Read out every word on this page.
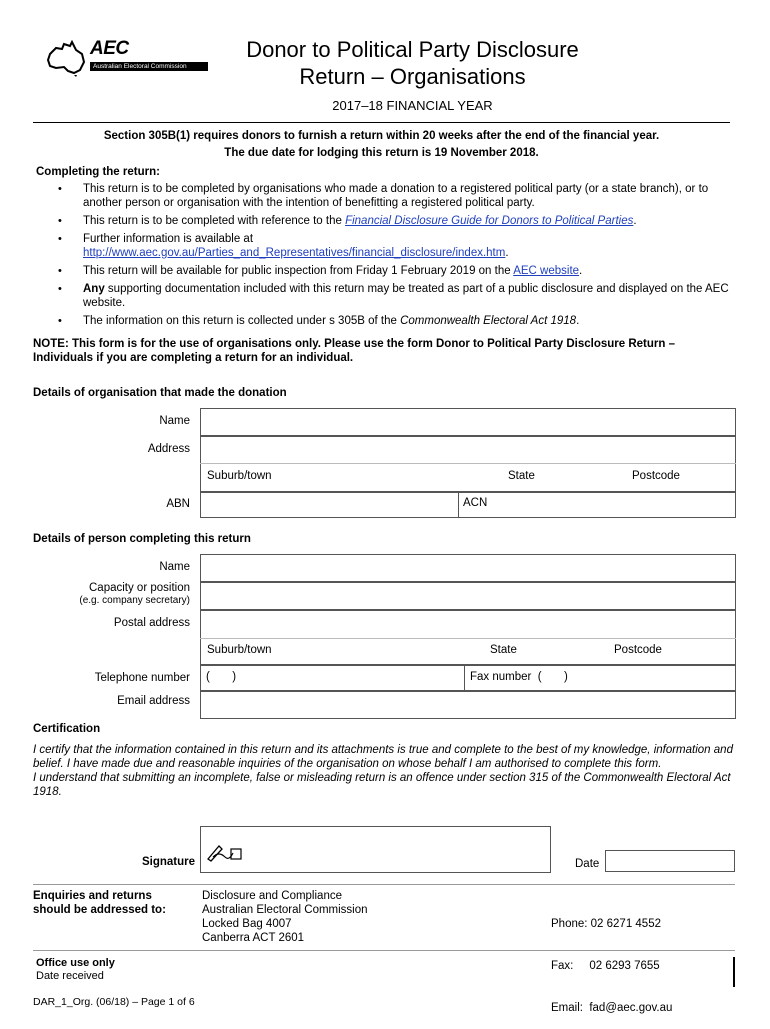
AEC
Australian Electoral Commission
Donor to Political Party Disclosure
Return – Organisations
2017–18 FINANCIAL YEAR
Section 305B(1) requires donors to furnish a return within 20 weeks after the end of the financial year.
The due date for lodging this return is 19 November 2018.
Completing the return:
• This return is to be completed by organisations who made a donation to a registered political party (or a state branch), or to another person or organisation with the intention of benefitting a registered political party.
• This return is to be completed with reference to the Financial Disclosure Guide for Donors to Political Parties.
• Further information is available at
http://www.aec.gov.au/Parties_and_Representatives/financial_disclosure/index.htm.
• This return will be available for public inspection from Friday 1 February 2019 on the AEC website.
• Any supporting documentation included with this return may be treated as part of a public disclosure and displayed on the AEC website.
• The information on this return is collected under s 305B of the Commonwealth Electoral Act 1918.
NOTE: This form is for the use of organisations only. Please use the form Donor to Political Party Disclosure Return – Individuals if you are completing a return for an individual.
Details of organisation that made the donation
Name
Address
Suburb/town	State	Postcode
ABN	ACN
Details of person completing this return
Name
Capacity or position
(e.g. company secretary)
Postal address
Suburb/town	State	Postcode
Telephone number (       )	Fax number  (       )
Email address
Certification
I certify that the information contained in this return and its attachments is true and complete to the best of my knowledge, information and belief. I have made due and reasonable inquiries of the organisation on whose behalf I am authorised to complete this form.
I understand that submitting an incomplete, false or misleading return is an offence under section 315 of the Commonwealth Electoral Act 1918.
Signature	Date
Enquiries and returns
should be addressed to:
Disclosure and Compliance
Australian Electoral Commission
Locked Bag 4007
Canberra ACT 2601

Phone: 02 6271 4552

Fax:     02 6293 7655

Email:  fad@aec.gov.au

Office use only
Date received
DAR_1_Org. (06/18) – Page 1 of 6
